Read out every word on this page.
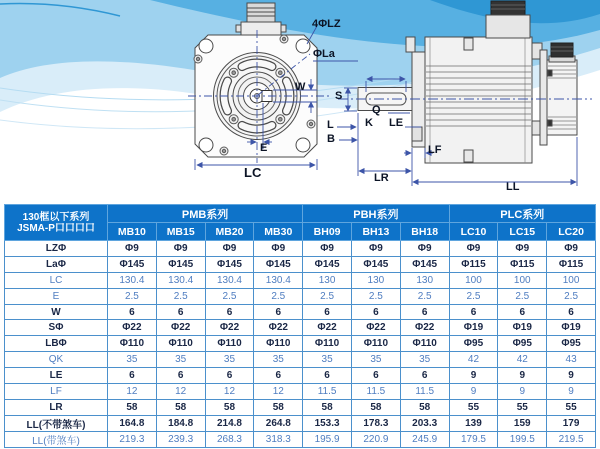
4ΦLZ
ΦLa
W
E
LC
S
Q
K LE
L
B
LF
LR
LL
130框以下系列
JSMA-P口口口口	PMB系列				PBH系列			PLC系列		
	MB10	MB15	MB20	MB30	BH09	BH13	BH18	LC10	LC15	LC20
LZΦ	Φ9	Φ9	Φ9	Φ9	Φ9	Φ9	Φ9	Φ9	Φ9	Φ9
LaΦ	Φ145	Φ145	Φ145	Φ145	Φ145	Φ145	Φ145	Φ115	Φ115	Φ115
LC	130.4	130.4	130.4	130.4	130	130	130	100	100	100
E	2.5	2.5	2.5	2.5	2.5	2.5	2.5	2.5	2.5	2.5
W	6	6	6	6	6	6	6	6	6	6
SΦ	Φ22	Φ22	Φ22	Φ22	Φ22	Φ22	Φ22	Φ19	Φ19	Φ19
LBΦ	Φ110	Φ110	Φ110	Φ110	Φ110	Φ110	Φ110	Φ95	Φ95	Φ95
QK	35	35	35	35	35	35	35	42	42	43
LE	6	6	6	6	6	6	6	9	9	9
LF	12	12	12	12	11.5	11.5	11.5	9	9	9
LR	58	58	58	58	58	58	58	55	55	55
LL(不带煞车)	164.8	184.8	214.8	264.8	153.3	178.3	203.3	139	159	179
LL(带煞车)	219.3	239.3	268.3	318.3	195.9	220.9	245.9	179.5	199.5	219.5
